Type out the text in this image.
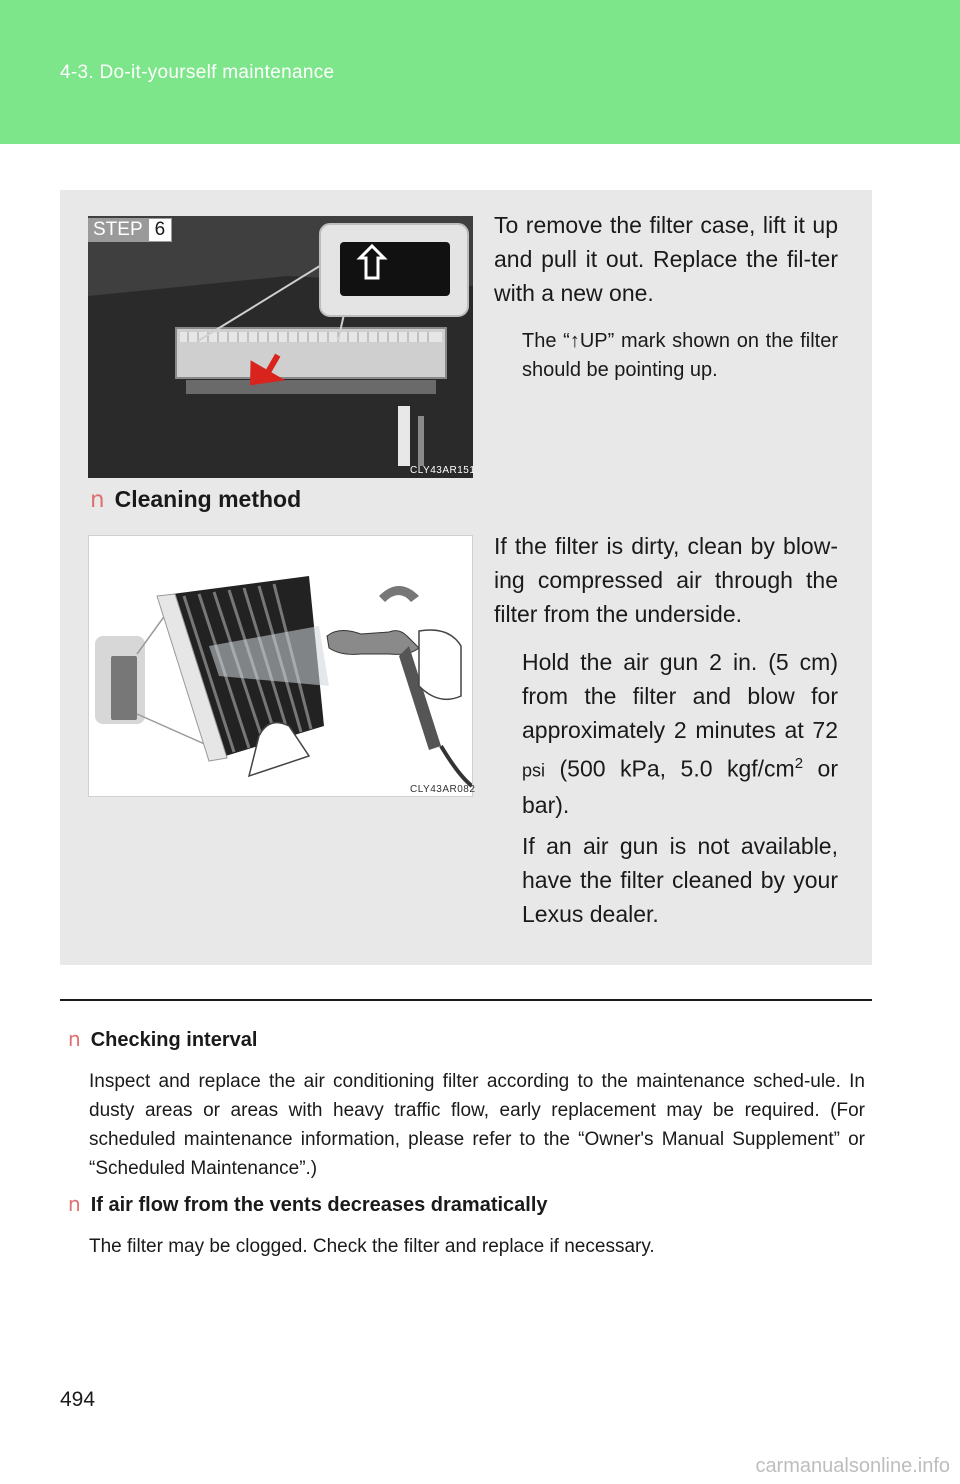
4-3. Do-it-yourself maintenance
CLY43AR151
STEP 6	To remove the filter case, lift it up and pull it out. Replace the fil-ter with a new one.
The “↑UP” mark shown on the filter should be pointing up.
n Cleaning method
CLY43AR082
If the filter is dirty, clean by blow-ing compressed air through the filter from the underside.
Hold the air gun 2 in. (5 cm) from the filter and blow for approximately 2 minutes at 72 psi (500 kPa, 5.0 kgf/$cm^2$ or bar).
If an air gun is not available, have the filter cleaned by your Lexus dealer.
n Checking interval
Inspect and replace the air conditioning filter according to the maintenance sched-ule. In dusty areas or areas with heavy traffic flow, early replacement may be required. (For scheduled maintenance information, please refer to the “Owner's Manual Supplement” or “Scheduled Maintenance”.)
n If air flow from the vents decreases dramatically
The filter may be clogged. Check the filter and replace if necessary.
494
carmanualsonline.info
